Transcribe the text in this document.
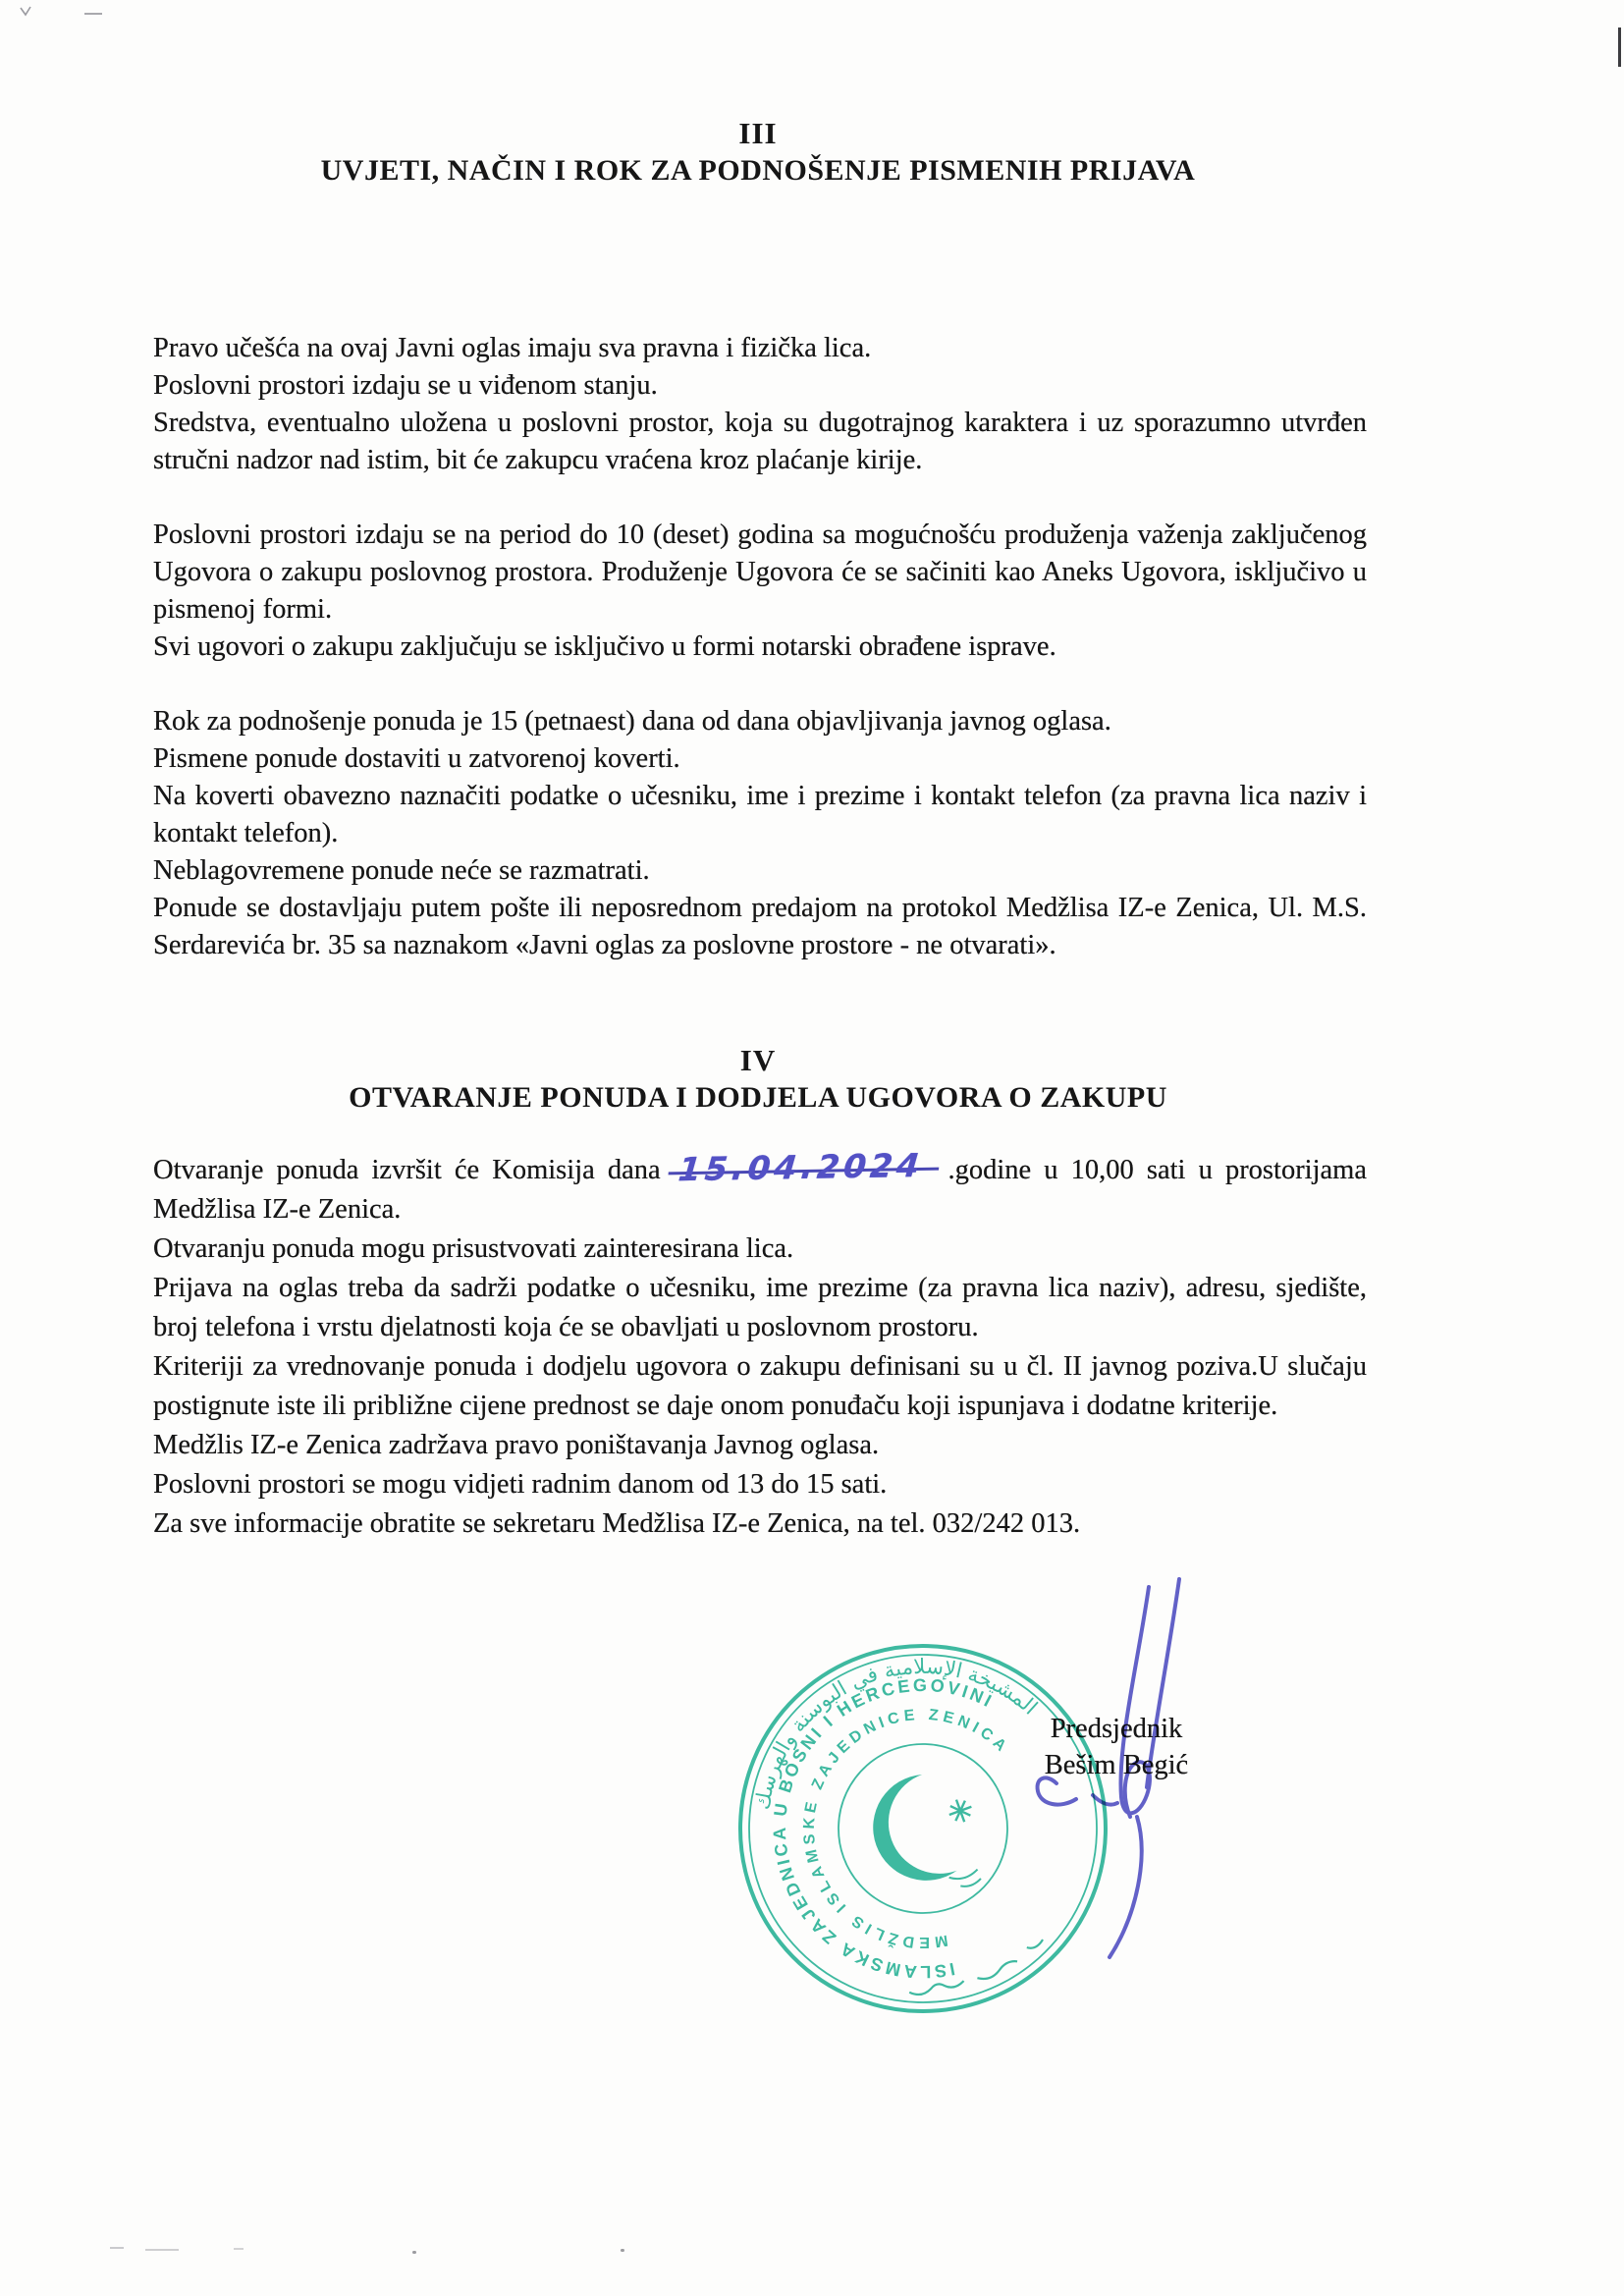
III

UVJETI, NAČIN I ROK ZA PODNOŠENJE PISMENIH PRIJAVA

Pravo učešća na ovaj Javni oglas imaju sva pravna i fizička lica.

Poslovni prostori izdaju se u viđenom stanju.

Sredstva, eventualno uložena u poslovni prostor, koja su dugotrajnog karaktera i uz sporazumno utvrđen stručni nadzor nad istim, bit će zakupcu vraćena kroz plaćanje kirije.

Poslovni prostori izdaju se na period do 10 (deset) godina sa mogućnošću produženja važenja zaključenog Ugovora o zakupu poslovnog prostora. Produženje Ugovora će se sačiniti kao Aneks Ugovora, isključivo u pismenoj formi.

Svi ugovori o zakupu zaključuju se isključivo u formi notarski obrađene isprave.

Rok za podnošenje ponuda je 15 (petnaest) dana od dana objavljivanja javnog oglasa.

Pismene ponude dostaviti u zatvorenoj koverti.

Na koverti obavezno naznačiti podatke o učesniku, ime i prezime i kontakt telefon (za pravna lica naziv i kontakt telefon).

Neblagovremene ponude neće se razmatrati.

Ponude se dostavljaju putem pošte ili neposrednom predajom na protokol Medžlisa IZ-e Zenica, Ul. M.S. Serdarevića br. 35 sa naznakom «Javni oglas za poslovne prostore - ne otvarati».

IV

OTVARANJE PONUDA I DODJELA UGOVORA O ZAKUPU

Otvaranje ponuda izvršit će Komisija dana 15.04.2024 .godine u 10,00 sati u prostorijama Medžlisa IZ-e Zenica.

Otvaranju ponuda mogu prisustvovati zainteresirana lica.

Prijava na oglas treba da sadrži podatke o učesniku, ime prezime (za pravna lica naziv), adresu, sjedište, broj telefona i vrstu djelatnosti koja će se obavljati u poslovnom prostoru.

Kriteriji za vrednovanje ponuda i dodjelu ugovora o zakupu definisani su u čl. II javnog poziva.U slučaju postignute iste ili približne cijene prednost se daje onom ponuđaču koji ispunjava i dodatne kriterije.

Medžlis IZ-e Zenica zadržava pravo poništavanja Javnog oglasa.

Poslovni prostori se mogu vidjeti radnim danom od 13 do 15 sati.

Za sve informacije obratite se sekretaru Medžlisa IZ-e Zenica, na tel. 032/242 013.

Predsjednik
Bešim Begić
المشيخة الإسلامية في البوسنة والهرسك
ISLAMSKA ZAJEDNICA U BOSNI I HERCEGOVINI
MEDŽLIS ISLAMSKE ZAJEDNICE ZENICA
